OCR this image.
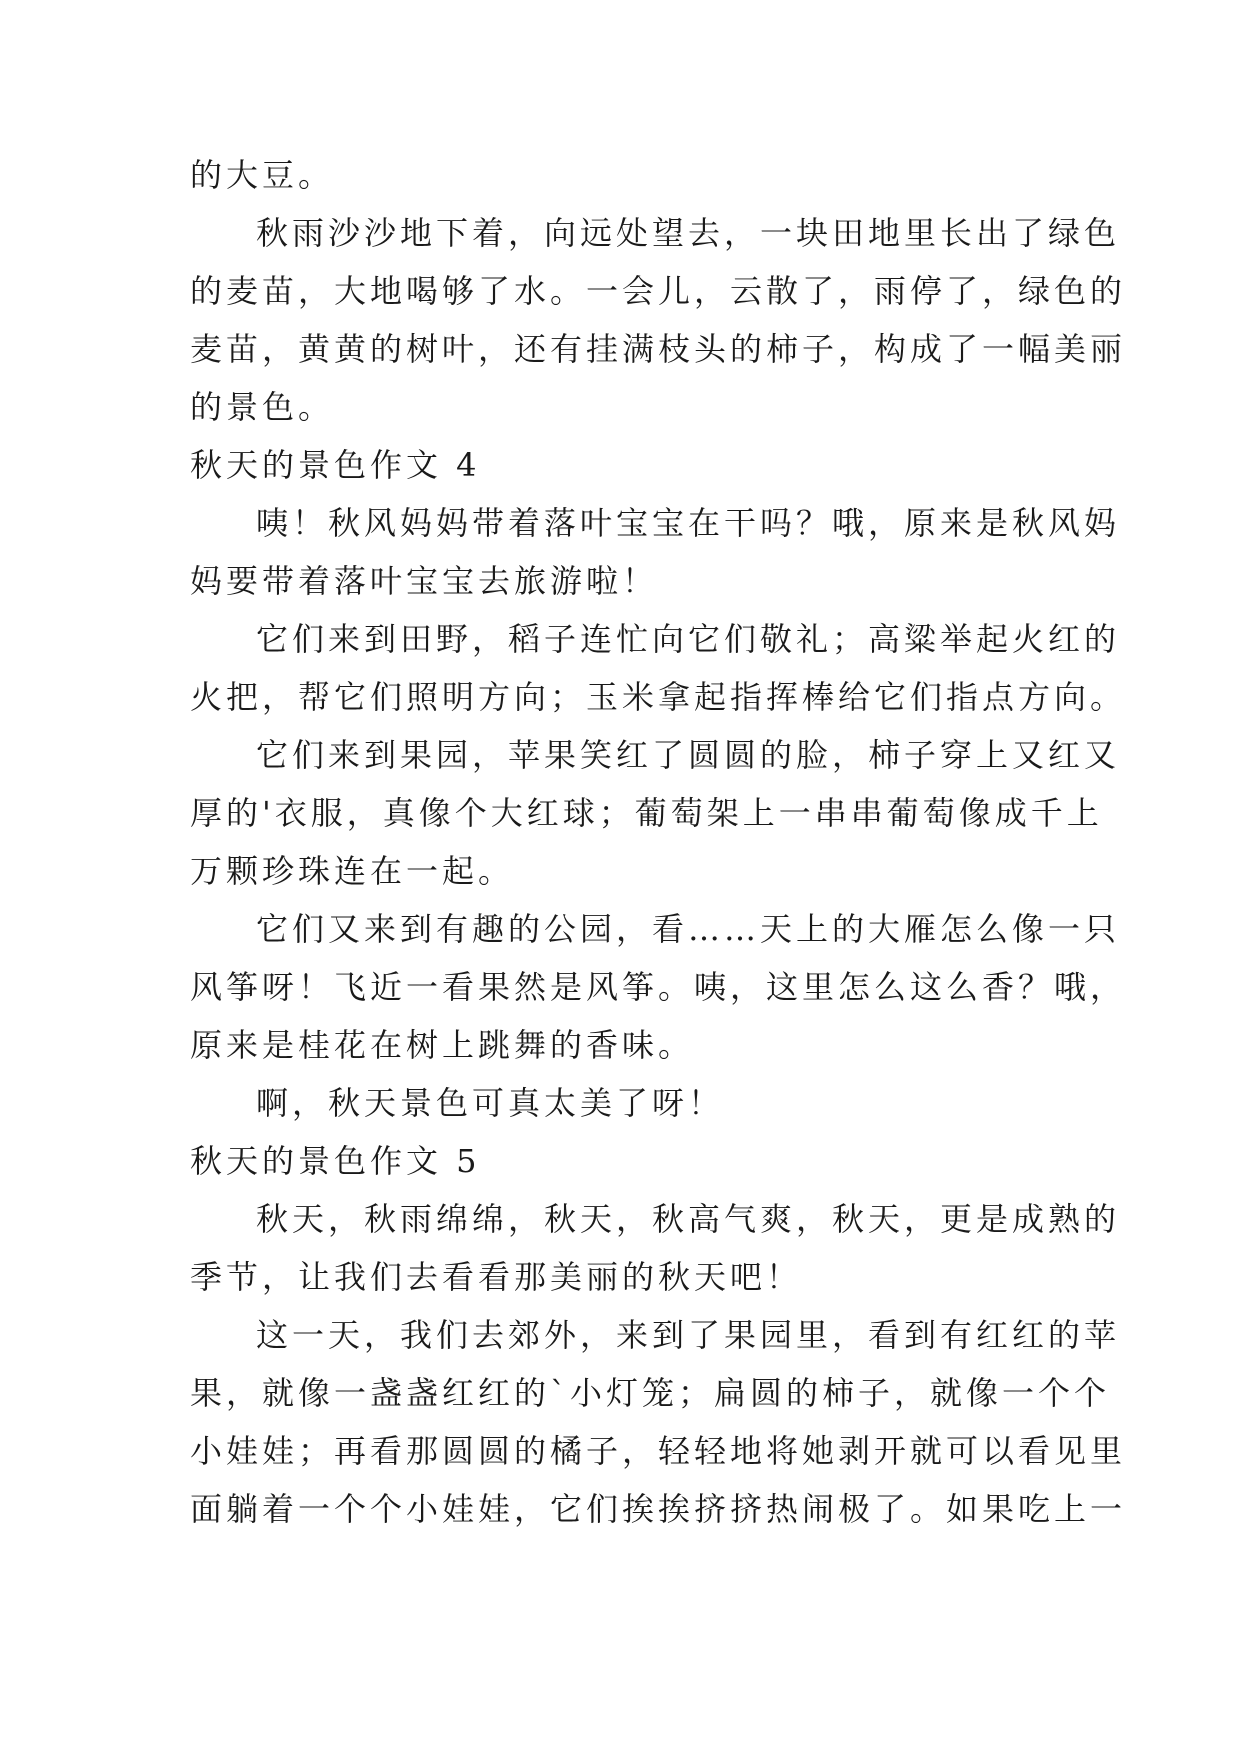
的大豆。
秋雨沙沙地下着，向远处望去，一块田地里长出了绿色
的麦苗，大地喝够了水。一会儿，云散了，雨停了，绿色的
麦苗，黄黄的树叶，还有挂满枝头的柿子，构成了一幅美丽
的景色。
秋天的景色作文 4
咦！秋风妈妈带着落叶宝宝在干吗？哦，原来是秋风妈
妈要带着落叶宝宝去旅游啦！
它们来到田野，稻子连忙向它们敬礼；高粱举起火红的
火把，帮它们照明方向；玉米拿起指挥棒给它们指点方向。
它们来到果园，苹果笑红了圆圆的脸，柿子穿上又红又
厚的'衣服，真像个大红球；葡萄架上一串串葡萄像成千上
万颗珍珠连在一起。
它们又来到有趣的公园，看……天上的大雁怎么像一只
风筝呀！飞近一看果然是风筝。咦，这里怎么这么香？哦，
原来是桂花在树上跳舞的香味。
啊，秋天景色可真太美了呀！
秋天的景色作文 5
秋天，秋雨绵绵，秋天，秋高气爽，秋天，更是成熟的
季节，让我们去看看那美丽的秋天吧！
这一天，我们去郊外，来到了果园里，看到有红红的苹
果，就像一盏盏红红的`小灯笼；扁圆的柿子，就像一个个
小娃娃；再看那圆圆的橘子，轻轻地将她剥开就可以看见里
面躺着一个个小娃娃，它们挨挨挤挤热闹极了。如果吃上一
